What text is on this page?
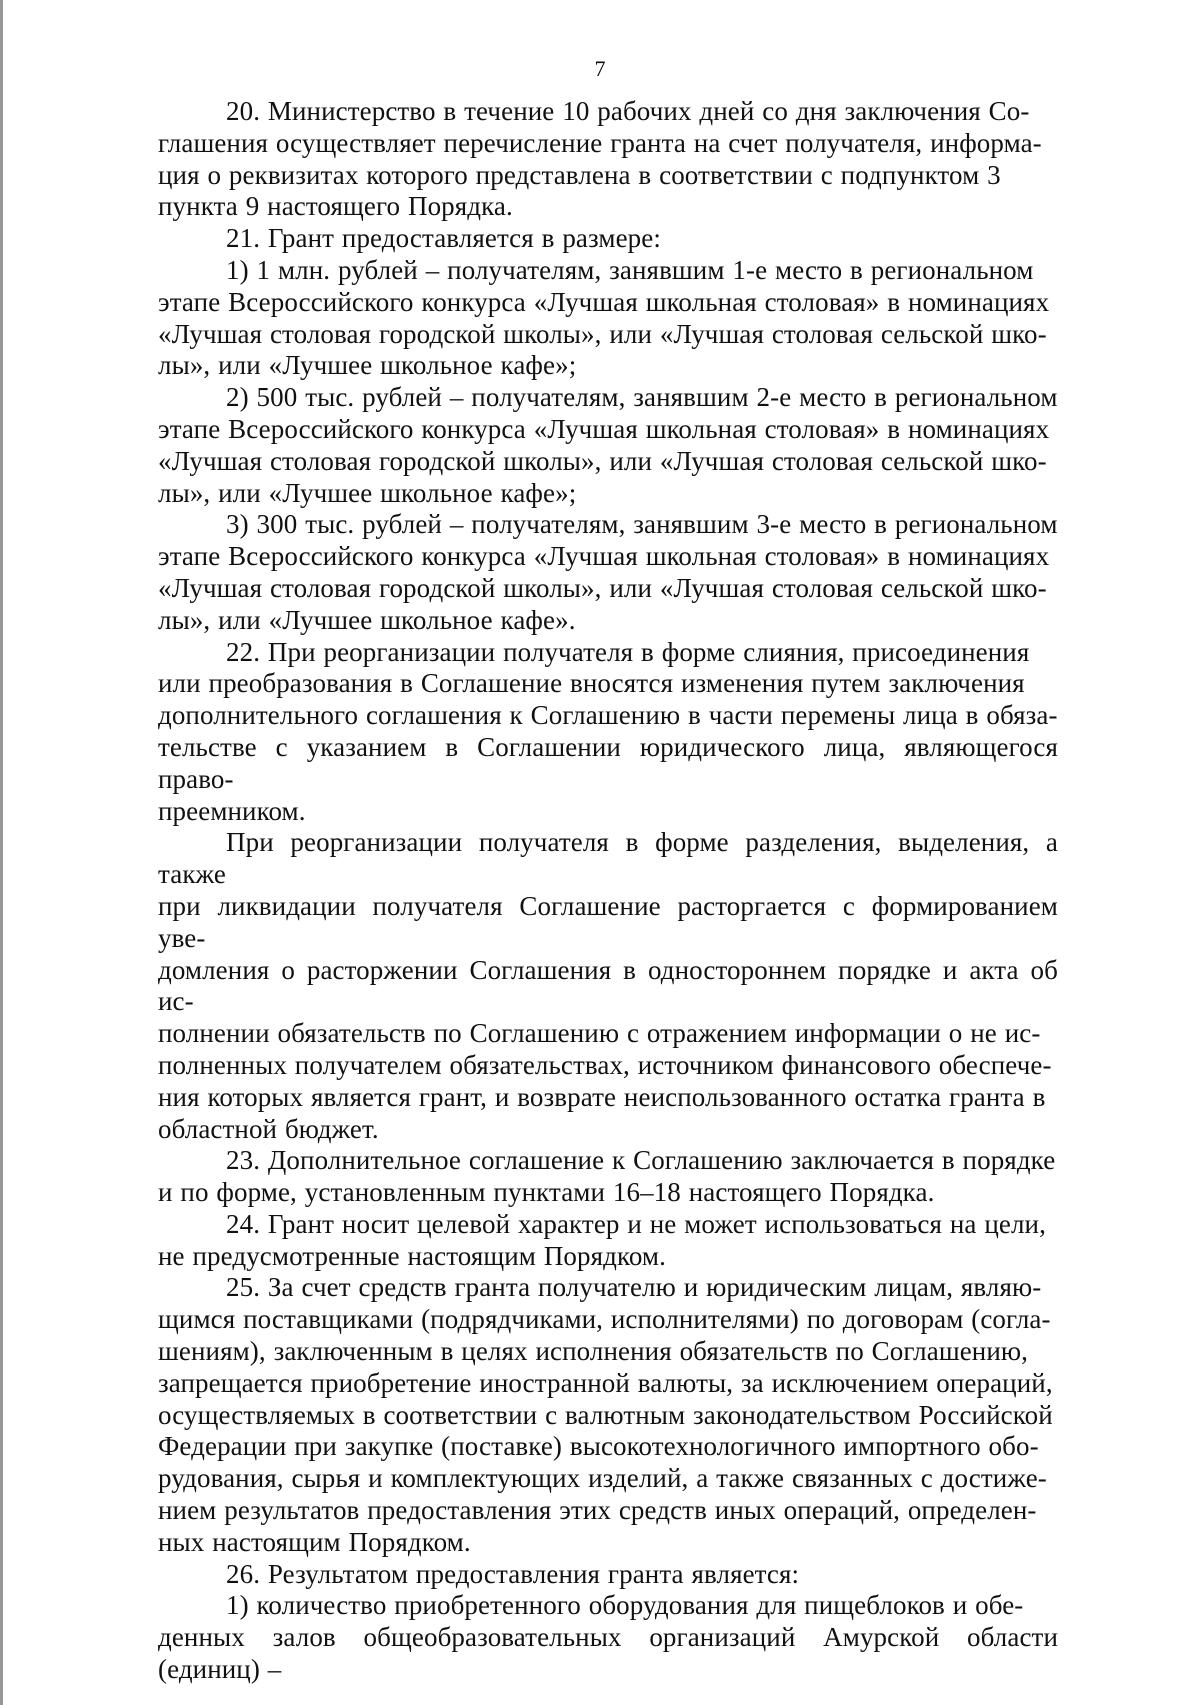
7

20. Министерство в течение 10 рабочих дней со дня заключения Со-
глашения осуществляет перечисление гранта на счет получателя, информа-
ция о реквизитах которого представлена в соответствии с подпунктом 3
пункта 9 настоящего Порядка.

21. Грант предоставляется в размере:

1) 1 млн. рублей – получателям, занявшим 1-е место в региональном
этапе Всероссийского конкурса «Лучшая школьная столовая» в номинациях
«Лучшая столовая городской школы», или «Лучшая столовая сельской шко-
лы», или «Лучшее школьное кафе»;

2) 500 тыс. рублей – получателям, занявшим 2-е место в региональном
этапе Всероссийского конкурса «Лучшая школьная столовая» в номинациях
«Лучшая столовая городской школы», или «Лучшая столовая сельской шко-
лы», или «Лучшее школьное кафе»;

3) 300 тыс. рублей – получателям, занявшим 3-е место в региональном
этапе Всероссийского конкурса «Лучшая школьная столовая» в номинациях
«Лучшая столовая городской школы», или «Лучшая столовая сельской шко-
лы», или «Лучшее школьное кафе».

22. При реорганизации получателя в форме слияния, присоединения
или преобразования в Соглашение вносятся изменения путем заключения
дополнительного соглашения к Соглашению в части перемены лица в обяза-
тельстве с указанием в Соглашении юридического лица, являющегося право-
преемником.

При реорганизации получателя в форме разделения, выделения, а также
при ликвидации получателя Соглашение расторгается с формированием уве-
домления о расторжении Соглашения в одностороннем порядке и акта об ис-
полнении обязательств по Соглашению с отражением информации о не ис-
полненных получателем обязательствах, источником финансового обеспече-
ния которых является грант, и возврате неиспользованного остатка гранта в
областной бюджет.

23. Дополнительное соглашение к Соглашению заключается в порядке
и по форме, установленным пунктами 16–18 настоящего Порядка.

24. Грант носит целевой характер и не может использоваться на цели,
не предусмотренные настоящим Порядком.

25. За счет средств гранта получателю и юридическим лицам, являю-
щимся поставщиками (подрядчиками, исполнителями) по договорам (согла-
шениям), заключенным в целях исполнения обязательств по Соглашению,
запрещается приобретение иностранной валюты, за исключением операций,
осуществляемых в соответствии с валютным законодательством Российской
Федерации при закупке (поставке) высокотехнологичного импортного обо-
рудования, сырья и комплектующих изделий, а также связанных с достиже-
нием результатов предоставления этих средств иных операций, определен-
ных настоящим Порядком.

26. Результатом предоставления гранта является:

1) количество приобретенного оборудования для пищеблоков и обе-
денных залов общеобразовательных организаций Амурской области (единиц) –
